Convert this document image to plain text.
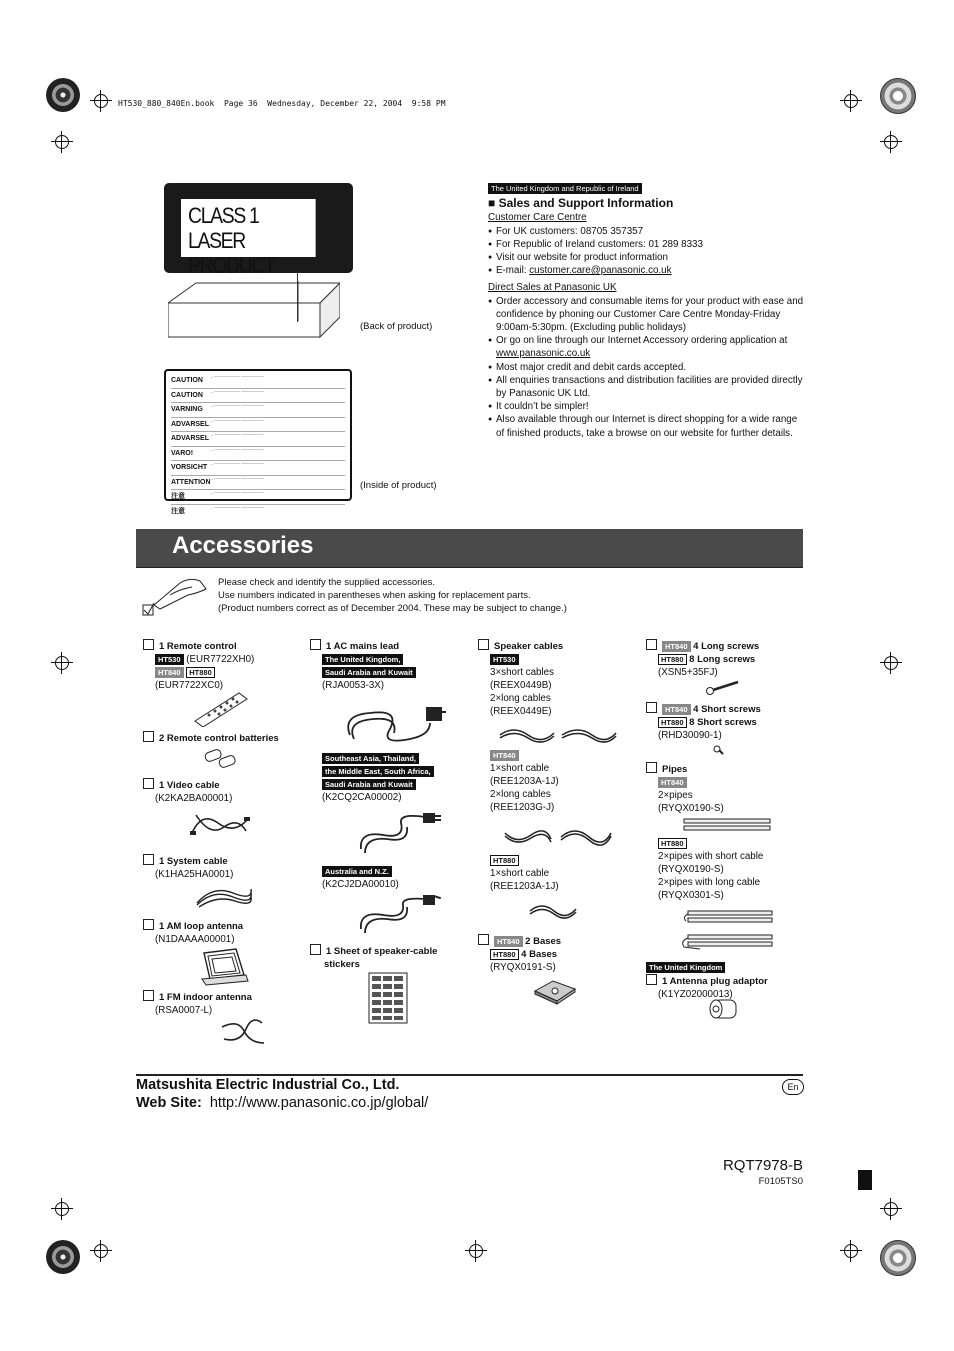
HT530_880_840En.book  Page 36  Wednesday, December 22, 2004  9:58 PM
CLASS 1
LASER PRODUCT
(Back of product)
CAUTION
– ───────── ────────
CAUTION
– ───────── ────────
VARNING
– ───────── ────────
ADVARSEL
– ───────── ────────
ADVARSEL
– ───────── ────────
VARO!
– ───────── ────────
VORSICHT
– ───────── ────────
ATTENTION
– ───────── ────────
注意
– ───────── ────────
注意
– ───────── ────────
(Inside of product)
The United Kingdom and Republic of Ireland
■ Sales and Support Information
Customer Care Centre
● For UK customers: 08705 357357
● For Republic of Ireland customers: 01 289 8333
● Visit our website for product information
● E-mail: customer.care@panasonic.co.uk
Direct Sales at Panasonic UK
● Order accessory and consumable items for your product with ease and confidence by phoning our Customer Care Centre Monday-Friday 9:00am-5:30pm. (Excluding public holidays)
● Or go on line through our Internet Accessory ordering application at
www.panasonic.co.uk
● Most major credit and debit cards accepted.
● All enquiries transactions and distribution facilities are provided directly by Panasonic UK Ltd.
● It couldn’t be simpler!
● Also available through our Internet is direct shopping for a wide range of finished products, take a browse on our website for further details.
Accessories
Please check and identify the supplied accessories.
Use numbers indicated in parentheses when asking for replacement parts.
(Product numbers correct as of December 2004. These may be subject to change.)
1 Remote control
HT530 (EUR7722XH0)
HT840 HT880
(EUR7722XC0)
2 Remote control batteries
1 Video cable
(K2KA2BA00001)
1 System cable
(K1HA25HA0001)
1 AM loop antenna
(N1DAAAA00001)
1 FM indoor antenna
(RSA0007-L)
1 AC mains lead
The United Kingdom,
Saudi Arabia and Kuwait
(RJA0053-3X)
Southeast Asia, Thailand,
the Middle East, South Africa,
Saudi Arabia and Kuwait
(K2CQ2CA00002)
Australia and N.Z.
(K2CJ2DA00010)
1 Sheet of speaker-cable
stickers
Speaker cables
HT530
3×short cables
(REEX0449B)
2×long cables
(REEX0449E)
HT840
1×short cable
(REE1203A-1J)
2×long cables
(REE1203G-J)
HT880
1×short cable
(REE1203A-1J)
HT840 2 Bases
HT880 4 Bases
(RYQX0191-S)
HT840 4 Long screws
HT880 8 Long screws
(XSN5+35FJ)
HT840 4 Short screws
HT880 8 Short screws
(RHD30090-1)
Pipes
HT840
2×pipes
(RYQX0190-S)
HT880
2×pipes with short cable
(RYQX0190-S)
2×pipes with long cable
(RYQX0301-S)
The United Kingdom
1 Antenna plug adaptor
(K1YZ02000013)
Matsushita Electric Industrial Co., Ltd.
Web Site: http://www.panasonic.co.jp/global/
En
RQT7978-B
F0105TS0
